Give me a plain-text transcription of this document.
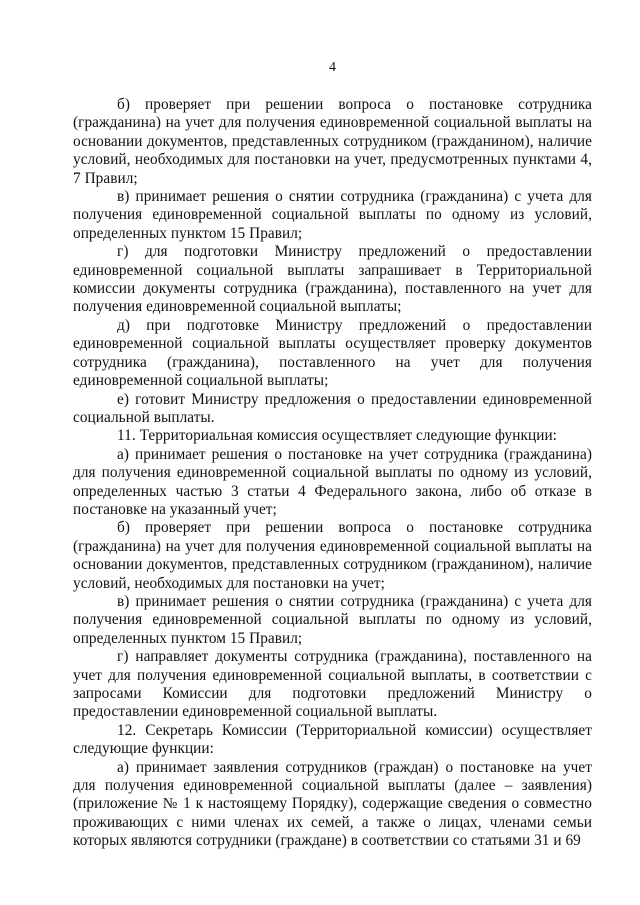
4

б) проверяет при решении вопроса о постановке сотрудника (гражданина) на учет для получения единовременной социальной выплаты на основании документов, представленных сотрудником (гражданином), наличие условий, необходимых для постановки на учет, предусмотренных пунктами 4, 7 Правил;

в) принимает решения о снятии сотрудника (гражданина) с учета для получения единовременной социальной выплаты по одному из условий, определенных пунктом 15 Правил;

г) для подготовки Министру предложений о предоставлении единовременной социальной выплаты запрашивает в Территориальной комиссии документы сотрудника (гражданина), поставленного на учет для получения единовременной социальной выплаты;

д) при подготовке Министру предложений о предоставлении единовременной социальной выплаты осуществляет проверку документов сотрудника (гражданина), поставленного на учет для получения единовременной социальной выплаты;

е) готовит Министру предложения о предоставлении единовременной социальной выплаты.

11. Территориальная комиссия осуществляет следующие функции:

а) принимает решения о постановке на учет сотрудника (гражданина) для получения единовременной социальной выплаты по одному из условий, определенных частью 3 статьи 4 Федерального закона, либо об отказе в постановке на указанный учет;

б) проверяет при решении вопроса о постановке сотрудника (гражданина) на учет для получения единовременной социальной выплаты на основании документов, представленных сотрудником (гражданином), наличие условий, необходимых для постановки на учет;

в) принимает решения о снятии сотрудника (гражданина) с учета для получения единовременной социальной выплаты по одному из условий, определенных пунктом 15 Правил;

г) направляет документы сотрудника (гражданина), поставленного на учет для получения единовременной социальной выплаты, в соответствии с запросами Комиссии для подготовки предложений Министру о предоставлении единовременной социальной выплаты.

12. Секретарь Комиссии (Территориальной комиссии) осуществляет следующие функции:

а) принимает заявления сотрудников (граждан) о постановке на учет для получения единовременной социальной выплаты (далее – заявления) (приложение № 1 к настоящему Порядку), содержащие сведения о совместно проживающих с ними членах их семей, а также о лицах, членами семьи которых являются сотрудники (граждане) в соответствии со статьями 31 и 69
